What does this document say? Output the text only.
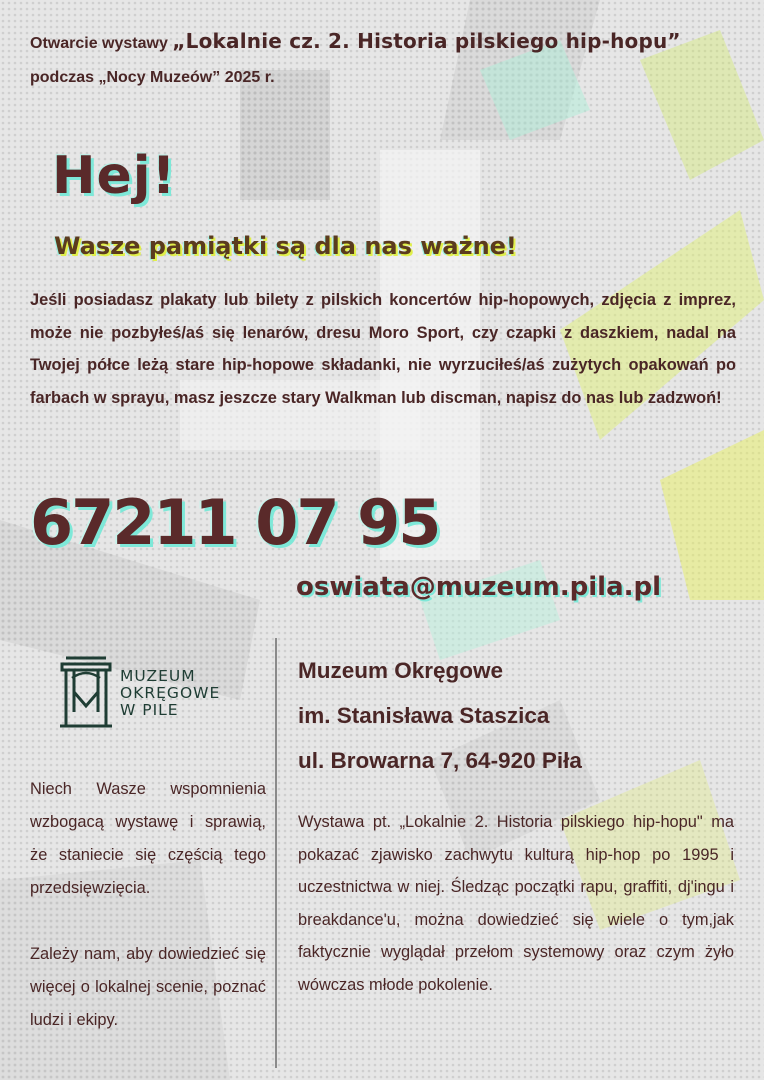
Otwarcie wystawy „Lokalnie cz. 2. Historia pilskiego hip-hopu”
podczas „Nocy Muzeów” 2025 r.
Hej!
Wasze pamiątki są dla nas ważne!
Jeśli posiadasz plakaty lub bilety z pilskich koncertów hip-hopowych, zdjęcia z imprez, może nie pozbyłeś/aś się lenarów, dresu Moro Sport, czy czapki z daszkiem, nadal na Twojej półce leżą stare hip-hopowe składanki, nie wyrzuciłeś/aś zużytych opakowań po farbach w sprayu, masz jeszcze stary Walkman lub discman, napisz do nas lub zadzwoń!
67211 07 95
oswiata@muzeum.pila.pl
MUZEUM
OKRĘGOWE
W PILE
Muzeum Okręgowe
im. Stanisława Staszica
ul. Browarna 7, 64-920 Piła

Niech Wasze wspomnienia wzbogacą wystawę i sprawią, że staniecie się częścią tego przedsięwzięcia.

Zależy nam, aby dowiedzieć się więcej o lokalnej scenie, poznać ludzi i ekipy.

Wystawa pt. „Lokalnie 2. Historia pilskiego hip-hopu" ma pokazać zjawisko zachwytu kulturą hip-hop po 1995 i uczestnictwa w niej. Śledząc początki rapu, graffiti, dj'ingu i breakdance'u, można dowiedzieć się wiele o tym,jak faktycznie wyglądał przełom systemowy oraz czym żyło wówczas młode pokolenie.
